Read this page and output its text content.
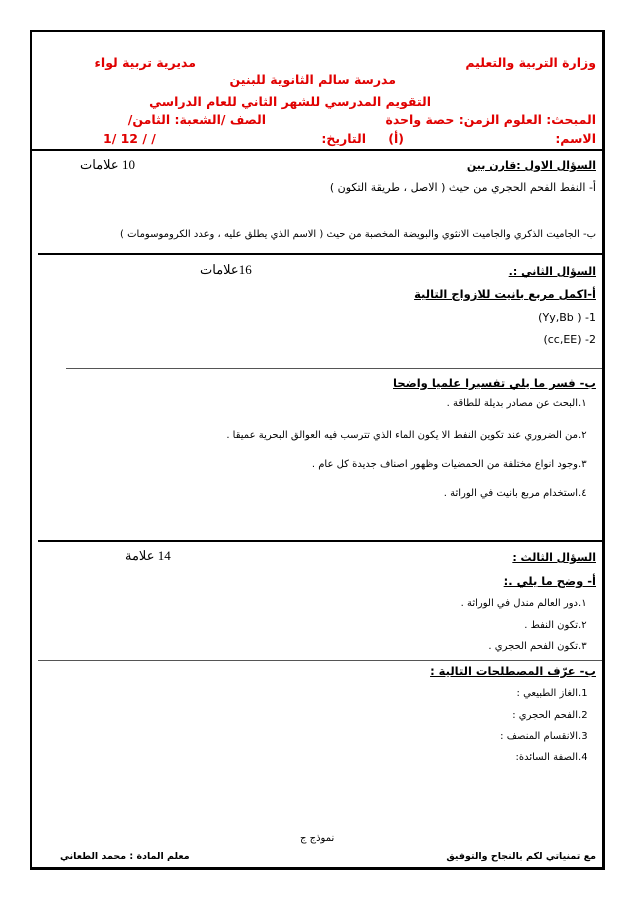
وزارة التربية والتعليم
مديرية تربية لواء
مدرسة سالم الثانوية للبنين
التقويم المدرسي للشهر الثاني للعام الدراسي
المبحث: العلوم الزمن: حصة واحدة
الصف /الشعبة: الثامن/
الاسم:
(أ)
التاريخ:
1/ 12 / /
السؤال الاول :قارن بين
10 علامات
أ- النفط الفحم الحجري من حيث ( الاصل ، طريقة التكون )
ب- الجاميت الذكري والجاميت الانثوي والبويضة المخصبة من حيث ( الاسم الذي يطلق عليه ، وعدد الكروموسومات )
السؤال الثاني :.
16علامات
أ-اكمل مربع بانيت للازواج التالية
1- ( Yy,Bb)
2- (cc,EE)
ب- فسر ما يلي تفسيرا علميا واضحا
١.البحث عن مصادر بديلة للطاقة .
٢.من الضروري عند تكوين النفط الا يكون الماء الذي تترسب فيه العوالق البحرية عميقا .
٣.وجود انواع مختلفة من الحمضيات وظهور اصناف جديدة كل عام .
٤.استخدام مربع بانيت في الوراثة .
السؤال الثالث :
14 علامة
أ- وضح ما يلي .:
١.دور العالم مندل في الوراثة .
٢.تكون النفط .
٣.تكون الفحم الحجري .
ب- عرّف المصطلحات التالية :
1.الغاز الطبيعي :
2.الفحم الحجري :
3.الانقسام المنصف :
4.الصفة السائدة:
نموذج ج
مع تمنياتي لكم بالنجاح والتوفيق
معلم المادة : محمد الطعاني
